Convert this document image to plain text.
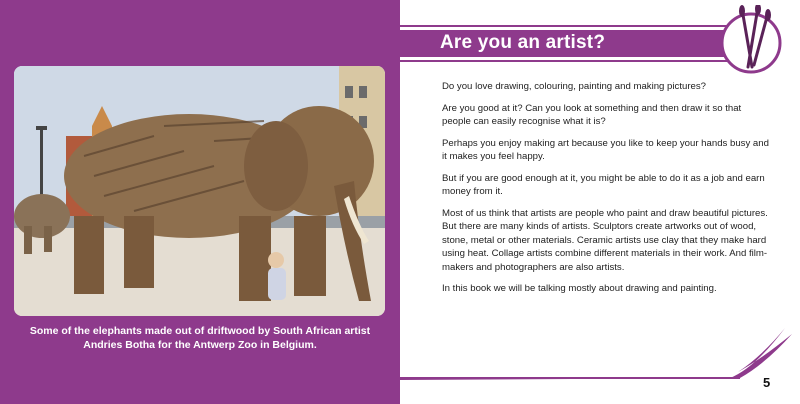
Some of the elephants made out of driftwood by South African artist
Andries Botha for the Antwerp Zoo in Belgium.
Are you an artist?

Do you love drawing, colouring, painting and making pictures?

Are you good at it? Can you look at something and then draw it so that people can easily recognise what it is?

Perhaps you enjoy making art because you like to keep your hands busy and it makes you feel happy.

But if you are good enough at it, you might be able to do it as a job and earn money from it.

Most of us think that artists are people who paint and draw beautiful pictures. But there are many kinds of artists. Sculptors create artworks out of wood, stone, metal or other materials. Ceramic artists use clay that they make hard using heat. Collage artists combine different materials in their work. And film-makers and photographers are also artists.

In this book we will be talking mostly about drawing and painting.

5
